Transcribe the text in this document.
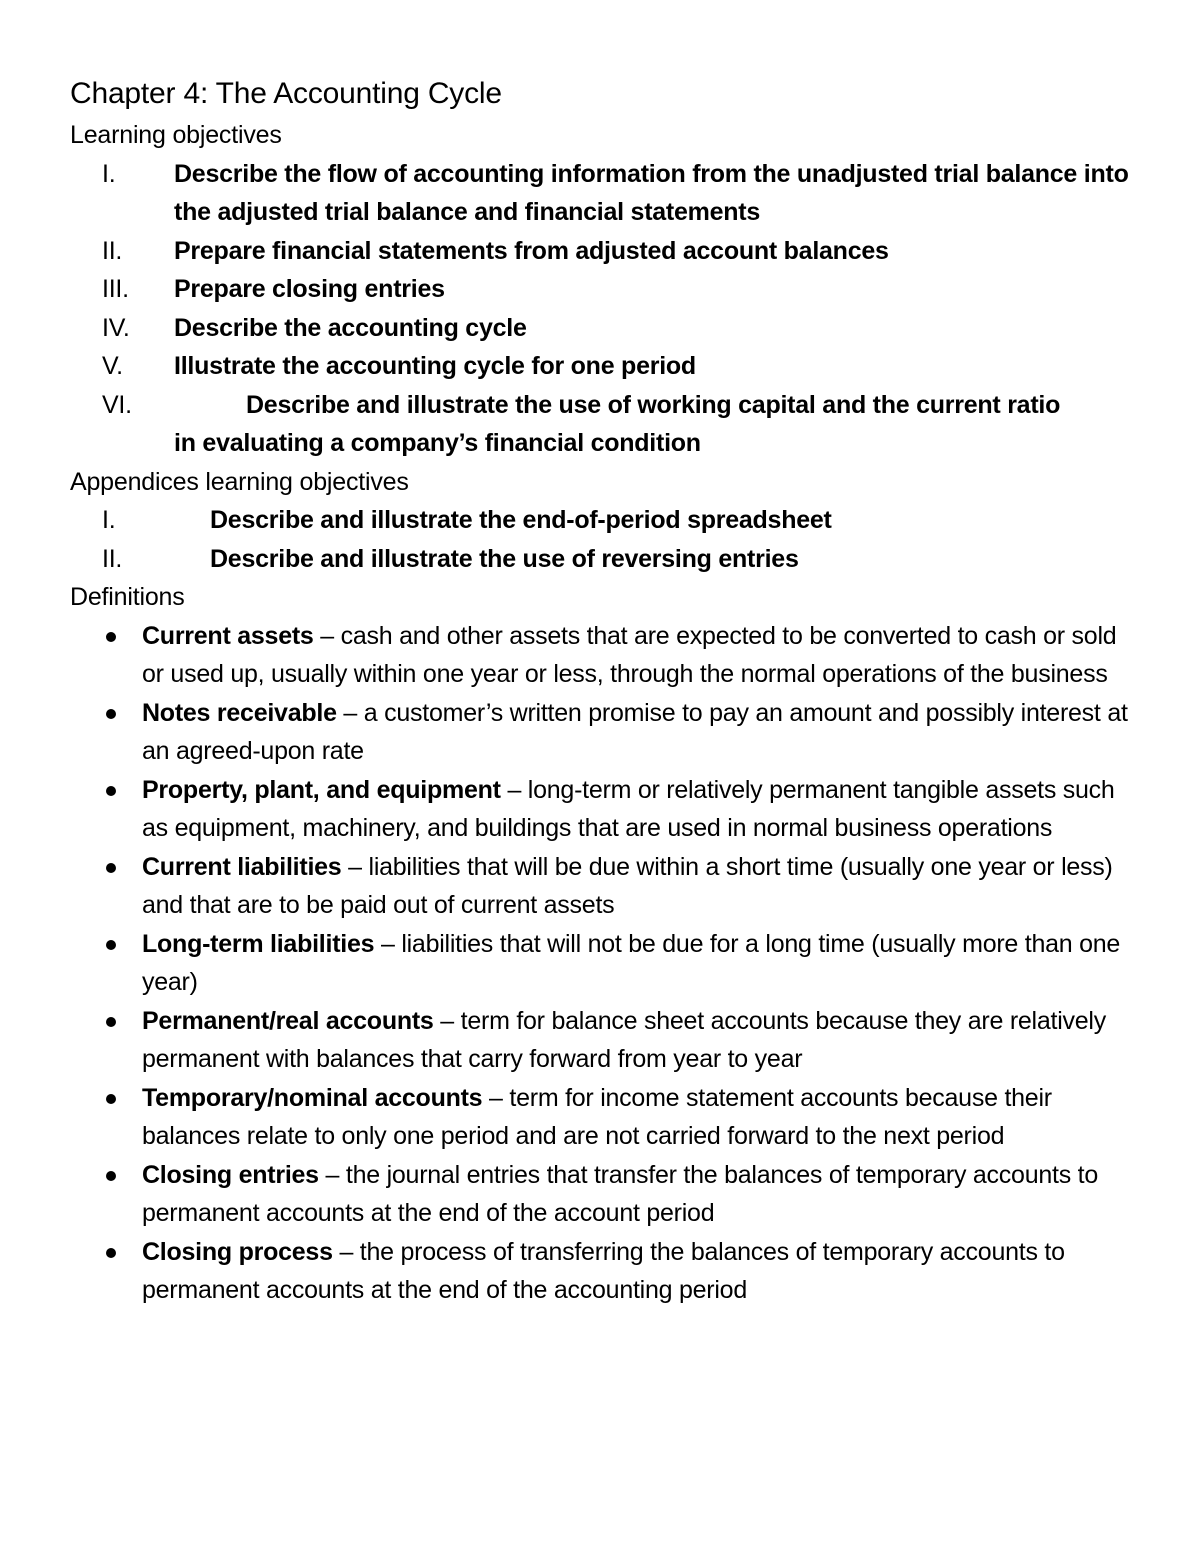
Chapter 4: The Accounting Cycle
Learning objectives
I.	Describe the flow of accounting information from the unadjusted trial balance into the adjusted trial balance and financial statements
II.	Prepare financial statements from adjusted account balances
III.	Prepare closing entries
IV.	Describe the accounting cycle
V.	Illustrate the accounting cycle for one period
VI.	Describe and illustrate the use of working capital and the current ratio
in evaluating a company’s financial condition
Appendices learning objectives
I.	Describe and illustrate the end-of-period spreadsheet
II.	Describe and illustrate the use of reversing entries
Definitions
Current assets – cash and other assets that are expected to be converted to cash or sold or used up, usually within one year or less, through the normal operations of the business
Notes receivable – a customer’s written promise to pay an amount and possibly interest at an agreed-upon rate
Property, plant, and equipment – long-term or relatively permanent tangible assets such as equipment, machinery, and buildings that are used in normal business operations
Current liabilities – liabilities that will be due within a short time (usually one year or less) and that are to be paid out of current assets
Long-term liabilities – liabilities that will not be due for a long time (usually more than one year)
Permanent/real accounts – term for balance sheet accounts because they are relatively permanent with balances that carry forward from year to year
Temporary/nominal accounts – term for income statement accounts because their balances relate to only one period and are not carried forward to the next period
Closing entries – the journal entries that transfer the balances of temporary accounts to permanent accounts at the end of the account period
Closing process – the process of transferring the balances of temporary accounts to permanent accounts at the end of the accounting period
